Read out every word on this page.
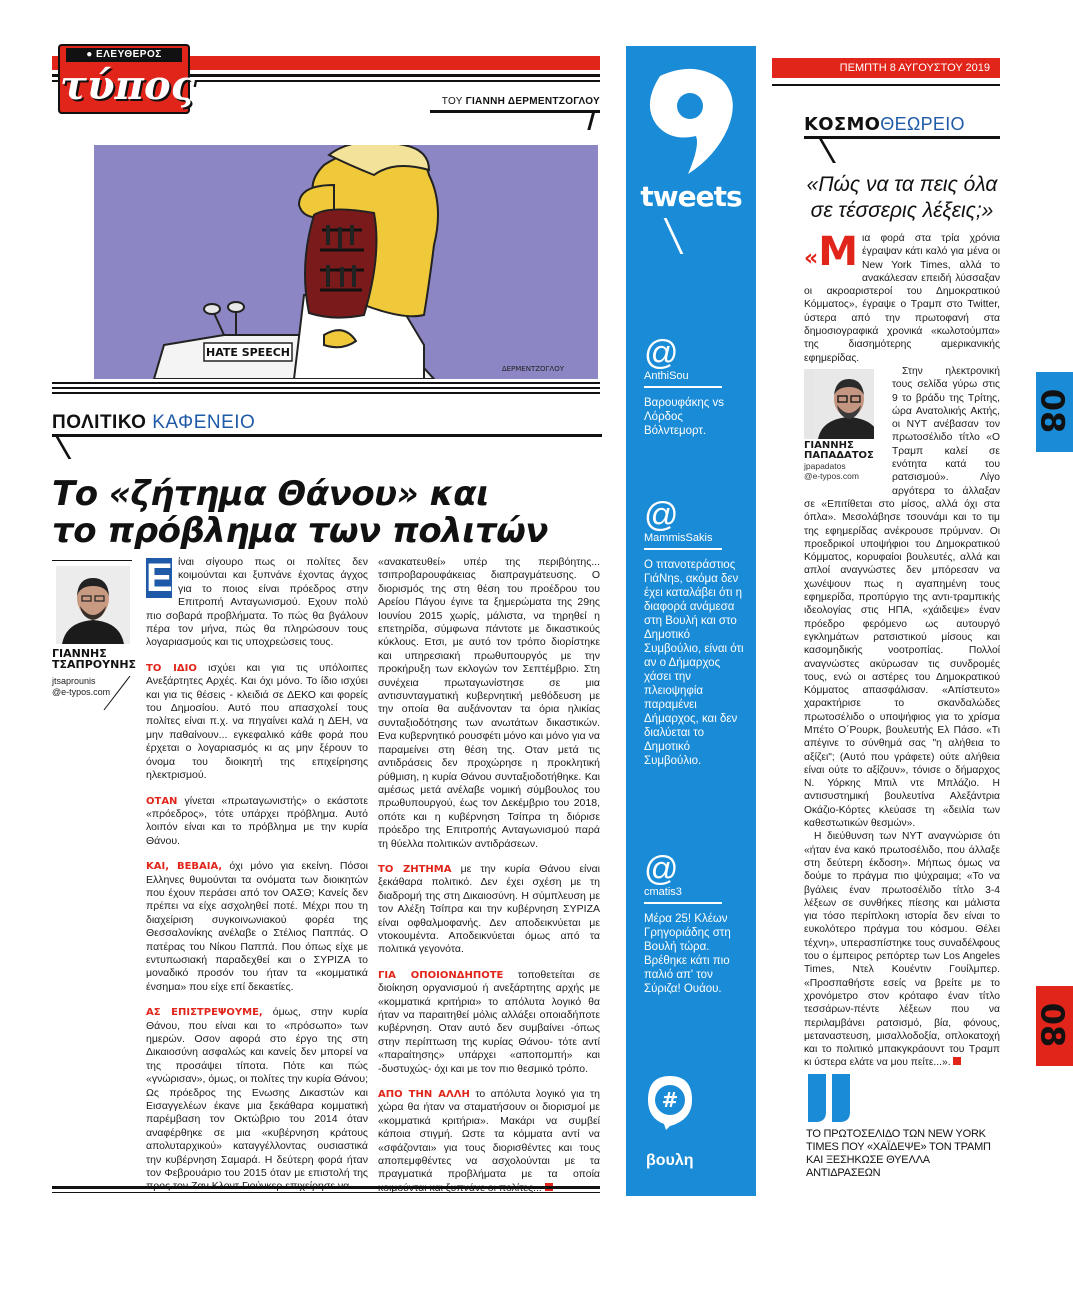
● ΕΛΕΥΘΕΡΟΣ
τύπος	ΤΟΥ ΓΙΑΝΝΗ ΔΕΡΜΕΝΤΖΟΓΛΟΥ
HATE SPEECH
ΔΕΡΜΕΝΤΖΟΓΛΟΥ
ΠΟΛΙΤΙΚΟ ΚΑΦΕΝΕΙΟ
Το «ζήτημα Θάνου» και
το πρόβλημα των πολιτών
ΓΙΑΝΝΗΣ
ΤΣΑΠΡΟΥΝΗΣ
jtsaprounis
@e-typos.com

Ε ίναι σίγουρο πως οι πολίτες δεν κοιμούνται και ξυπνάνε έχοντας άγχος για το ποιος είναι πρόεδρος στην Επιτροπή Ανταγωνισμού. Εχουν πολύ πιο σοβαρά προβλήματα. Το πώς θα βγάλουν πέρα τον μήνα, πώς θα πληρώσουν τους λογαριασμούς και τις υποχρεώσεις τους.

ΤΟ ΙΔΙΟ ισχύει και για τις υπόλοιπες Ανεξάρτητες Αρχές. Και όχι μόνο. Το ίδιο ισχύει και για τις θέσεις - κλειδιά σε ΔΕΚΟ και φορείς του Δημοσίου. Αυτό που απασχολεί τους πολίτες είναι π.χ. να πηγαίνει καλά η ΔΕΗ, να μην παθαίνουν... εγκεφαλικό κάθε φορά που έρχεται ο λογαριασμός κι ας μην ξέρουν το όνομα του διοικητή της επιχείρησης ηλεκτρισμού.

ΟΤΑΝ γίνεται «πρωταγωνιστής» ο εκάστοτε «πρόεδρος», τότε υπάρχει πρόβλημα. Αυτό λοιπόν είναι και το πρόβλημα με την κυρία Θάνου.

ΚΑΙ, ΒΕΒΑΙΑ, όχι μόνο για εκείνη. Πόσοι Ελληνες θυμούνται τα ονόματα των διοικητών που έχουν περάσει από τον ΟΑΣΘ; Κανείς δεν πρέπει να είχε ασχοληθεί ποτέ. Μέχρι που τη διαχείριση συγκοινωνιακού φορέα της Θεσσαλονίκης ανέλαβε ο Στέλιος Παππάς. Ο πατέρας του Νίκου Παππά. Που όπως είχε με εντυπωσιακή παραδεχθεί και ο ΣΥΡΙΖΑ το μοναδικό προσόν του ήταν τα «κομματικά ένσημα» που είχε επί δεκαετίες.

ΑΣ ΕΠΙΣΤΡΕΨΟΥΜΕ, όμως, στην κυρία Θάνου, που είναι και το «πρόσωπο» των ημερών. Οσον αφορά στο έργο της στη Δικαιοσύνη ασφαλώς και κανείς δεν μπορεί να της προσάψει τίποτα. Πότε και πώς «γνώρισαν», όμως, οι πολίτες την κυρία Θάνου; Ως πρόεδρος της Ενωσης Δικαστών και Εισαγγελέων έκανε μια ξεκάθαρα κομματική παρέμβαση τον Οκτώβριο του 2014 όταν αναφέρθηκε σε μια «κυβέρνηση κράτους απολυταρχικού» καταγγέλλοντας ουσιαστικά την κυβέρνηση Σαμαρά. Η δεύτερη φορά ήταν τον Φεβρουάριο του 2015 όταν με επιστολή της

«ανακατευθεί» υπέρ της περιβόητης... τσιπροβαρουφάκειας διαπραγμάτευσης. Ο διορισμός της στη θέση του προέδρου του Αρείου Πάγου έγινε τα ξημερώματα της 29ης Ιουνίου 2015 χωρίς, μάλιστα, να τηρηθεί η επετηρίδα, σύμφωνα πάντοτε με δικαστικούς κύκλους. Ετσι, με αυτό τον τρόπο διορίστηκε και υπηρεσιακή πρωθυπουργός με την προκήρυξη των εκλογών τον Σεπτέμβριο. Στη συνέχεια πρωταγωνίστησε σε μια αντισυνταγματική κυβερνητική μεθόδευση με την οποία θα αυξάνονταν τα όρια ηλικίας συνταξιοδότησης των ανωτάτων δικαστικών. Ενα κυβερνητικό ρουσφέτι μόνο και μόνο για να παραμείνει στη θέση της. Οταν μετά τις αντιδράσεις δεν προχώρησε η προκλητική ρύθμιση, η κυρία Θάνου συνταξιοδοτήθηκε. Και αμέσως μετά ανέλαβε νομική σύμβουλος του πρωθυπουργού, έως τον Δεκέμβριο του 2018, οπότε και η κυβέρνηση Τσίπρα τη διόρισε πρόεδρο της Επιτροπής Ανταγωνισμού παρά τη θύελλα πολιτικών αντιδράσεων.

ΤΟ ΖΗΤΗΜΑ με την κυρία Θάνου είναι ξεκάθαρα πολιτικό. Δεν έχει σχέση με τη διαδρομή της στη Δικαιοσύνη. Η σύμπλευση με τον Αλέξη Τσίπρα και την κυβέρνηση ΣΥΡΙΖΑ είναι οφθαλμοφανής. Δεν αποδεικνύεται με ντοκουμέντα. Αποδεικνύεται όμως από τα πολιτικά γεγονότα.

ΓΙΑ ΟΠΟΙΟΝΔΗΠΟΤΕ τοποθετείται σε διοίκηση οργανισμού ή ανεξάρτητης αρχής με «κομματικά κριτήρια» το απόλυτα λογικό θα ήταν να παραιτηθεί μόλις αλλάξει οποιαδήποτε κυβέρνηση. Οταν αυτό δεν συμβαίνει -όπως στην περίπτωση της κυρίας Θάνου- τότε αντί «παραίτησης» υπάρχει «αποπομπή» και -δυστυχώς- όχι και με τον πιο θεσμικό τρόπο.

ΑΠΟ ΤΗΝ ΑΛΛΗ το απόλυτα λογικό για τη χώρα θα ήταν να σταματήσουν οι διορισμοί με «κομματικά κριτήρια». Μακάρι να συμβεί κάποια στιγμή. Ωστε τα κόμματα αντί να «σφάζονται» για τους διορισθέντες και τους αποπεμφθέντες να ασχολούνται με τα πραγματικά προβλήματα με τα οποία

tweets
@
AnthiSou
Βαρουφάκης vs Λόρδος Βόλντεμορτ.
@
MammisSakis
Ο τιτανοτεράστιος ΓιάΝηs, ακόμα δεν έχει καταλάβει ότι η διαφορά ανάμεσα στη Βουλή και στο Δημοτικό Συμβούλιο, είναι ότι αν ο Δήμαρχος χάσει την πλειοψηφία παραμένει Δήμαρχος, και δεν διαλύεται το Δημοτικό Συμβούλιο.
@
cmatis3
Μέρα 25! Κλέων Γρηγοριάδης στη Βουλή τώρα. Βρέθηκε κάτι πιο παλιό απ' τον Σύριζα! Ουάου.
#
βουλη
ΠΕΜΠΤΗ 8 ΑΥΓΟΥΣΤΟΥ 2019
ΚΟΣΜΟΘΕΩΡΕΙΟ
«Πώς να τα πεις όλα σε τέσσερις λέξεις;»

«Μ ια φορά στα τρία χρόνια έγραψαν κάτι καλό για μένα οι New York Times, αλλά το ανακάλεσαν επειδή λύσσαξαν οι ακροαριστεροί του Δημοκρατικού Κόμματος», έγραψε ο Τραμπ στο Twitter, ύστερα από την πρωτοφανή στα δημοσιογραφικά χρονικά «κωλοτούμπα» της διασημότερης αμερικανικής εφημερίδας.

ΓΙΑΝΝΗΣ
ΠΑΠΑΔΑΤΟΣ
jpapadatos
@e-typos.com
Στην ηλεκτρονική τους σελίδα γύρω στις 9 το βράδυ της Τρίτης, ώρα Ανατολικής Ακτής, οι NYT ανέβασαν τον πρωτοσέλιδο τίτλο «Ο Τραμπ καλεί σε ενότητα κατά του ρατσισμού». Λίγο αργότερα το άλλαξαν σε «Επιτίθεται στο μίσος, αλλά όχι στα όπλα». Μεσολάβησε τσουνάμι και το τιμ της εφημερίδας ανέκρουσε πρύμναν. Οι προεδρικοί υποψήφιοι του Δημοκρατικού Κόμματος, κορυφαίοι βουλευτές, αλλά και απλοί αναγνώστες δεν μπόρεσαν να χωνέψουν πως η αγαπημένη τους εφημερίδα, προπύργιο της αντι-τραμπικής ιδεολογίας στις ΗΠΑ, «χάιδεψε» έναν πρόεδρο φερόμενο ως αυτουργό εγκλημάτων ρατσιστικού μίσους και κασομηδικής νοοτροπίας. Πολλοί αναγνώστες ακύρωσαν τις συνδρομές τους, ενώ οι αστέρες του Δημοκρατικού Κόμματος απασφάλισαν. «Απίστευτο» χαρακτήρισε το σκανδαλώδες πρωτοσέλιδο ο υποψήφιος για το χρίσμα Μπέτο Ο΄Ρουρκ, βουλευτής Ελ Πάσο. «Τι απέγινε το σύνθημά σας "η αλήθεια το αξίζει"; (Αυτό που γράφετε) ούτε αλήθεια είναι ούτε το αξίζουν», τόνισε ο δήμαρχος Ν. Υόρκης Μπιλ ντε Μπλάζιο. Η αντισυστημική βουλευτίνα Αλεξάντρια Οκάζιο-Κόρτες κλεύασε τη «δειλία των καθεστωτικών θεσμών».

Η διεύθυνση των NYT αναγνώρισε ότι «ήταν ένα κακό πρωτοσέλιδο, που άλλαξε στη δεύτερη έκδοση». Μήπως όμως να δούμε το πράγμα πιο ψύχραιμα; «Το να βγάλεις έναν πρωτοσέλιδο τίτλο 3-4 λέξεων σε συνθήκες πίεσης και μάλιστα για τόσο περίπλοκη ιστορία δεν είναι το ευκολότερο πράγμα του κόσμου. Θέλει τέχνη», υπερασπίστηκε τους συναδέλφους του ο έμπειρος ρεπόρτερ των Los Angeles Times, Ντελ Κουέντιν Γουίλμπερ. «Προσπαθήστε εσείς να βρείτε με το χρονόμετρο στον κρόταφο έναν τίτλο τεσσάρων-πέντε λέξεων που να περιλαμβάνει ρατσισμό, βία, φόνους, μεταναστευση, μισαλλοδοξία, οπλοκατοχή και το πολιτικό μπακγκράουντ του Τραμπ κι ύστερα ελάτε να μου πείτε...».

ΤΟ ΠΡΩΤΟΣΕΛΙΔΟ ΤΩΝ NEW YORK TIMES ΠΟΥ «ΧΑΪΔΕΨΕ» ΤΟΝ ΤΡΑΜΠ ΚΑΙ ΞΕΣΗΚΩΣΕ ΘΥΕΛΛΑ ΑΝΤΙΔΡΑΣΕΩΝ
08
08
